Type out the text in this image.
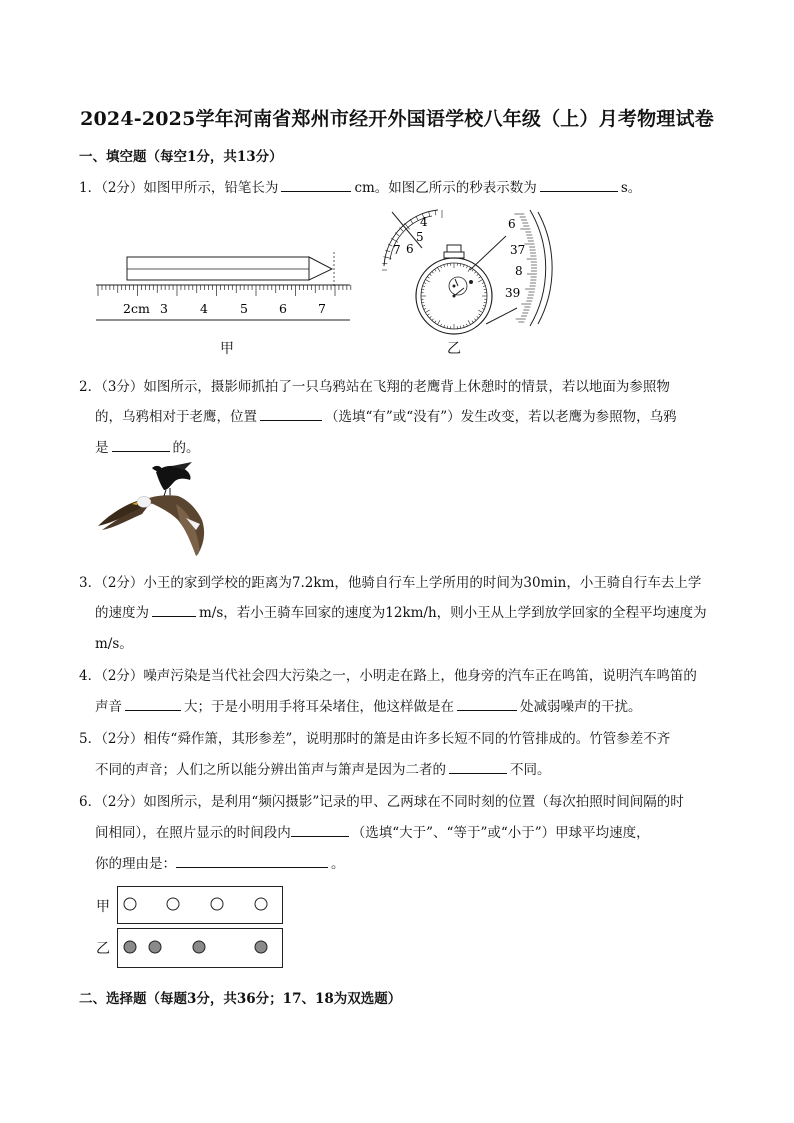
2024-2025学年河南省郑州市经开外国语学校八年级（上）月考物理试卷
一、填空题（每空1分，共13分）
1．（2分）如图甲所示，铅笔长为	cm。如图乙所示的秒表示数为	s。
2cm 3	4	5 6 7
甲
4
5
6
7
6
37
8
39
乙
2．（3分）如图所示，摄影师抓拍了一只乌鸦站在飞翔的老鹰背上休憩时的情景，若以地面为参照物
的，乌鸦相对于老鹰，位置	（选填“有”或“没有”）发生改变，若以老鹰为参照物，乌鸦
是	的。
3．（2分）小王的家到学校的距离为7.2km，他骑自行车上学所用的时间为30min，小王骑自行车去上学
的速度为	m/s，若小王骑车回家的速度为12km/h，则小王从上学到放学回家的全程平均速度为
m/s。
4．（2分）噪声污染是当代社会四大污染之一，小明走在路上，他身旁的汽车正在鸣笛，说明汽车鸣笛的
声音	大；于是小明用手将耳朵堵住，他这样做是在	处减弱噪声的干扰。
5．（2分）相传“舜作箫，其形参差”，说明那时的箫是由许多长短不同的竹管排成的。竹管参差不齐
不同的声音；人们之所以能分辨出笛声与箫声是因为二者的	不同。
6．（2分）如图所示，是利用“频闪摄影”记录的甲、乙两球在不同时刻的位置（每次拍照时间间隔的时
间相同），在照片显示的时间段内	（选填“大于”、“等于”或“小于”）甲球平均速度，
你的理由是：	。
甲
乙
二、选择题（每题3分，共36分；17、18为双选题）
